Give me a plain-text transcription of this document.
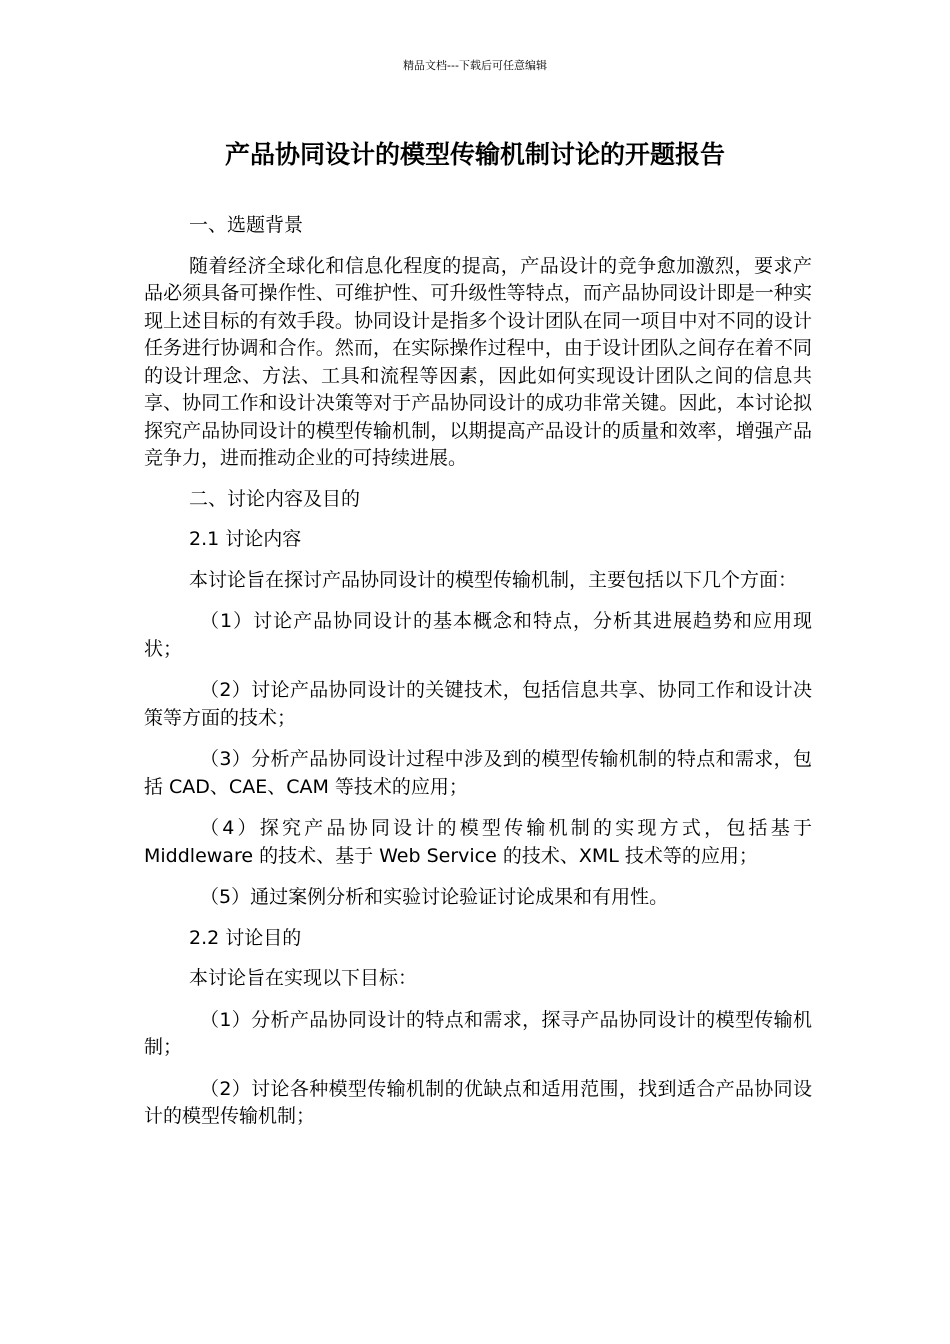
精品文档---下载后可任意编辑
产品协同设计的模型传输机制讨论的开题报告

一、选题背景

随着经济全球化和信息化程度的提高，产品设计的竞争愈加激烈，要求产品必须具备可操作性、可维护性、可升级性等特点，而产品协同设计即是一种实现上述目标的有效手段。协同设计是指多个设计团队在同一项目中对不同的设计任务进行协调和合作。然而，在实际操作过程中，由于设计团队之间存在着不同的设计理念、方法、工具和流程等因素，因此如何实现设计团队之间的信息共享、协同工作和设计决策等对于产品协同设计的成功非常关键。因此，本讨论拟探究产品协同设计的模型传输机制，以期提高产品设计的质量和效率，增强产品竞争力，进而推动企业的可持续进展。

二、讨论内容及目的

2.1 讨论内容

本讨论旨在探讨产品协同设计的模型传输机制，主要包括以下几个方面：

（1）讨论产品协同设计的基本概念和特点，分析其进展趋势和应用现状；

（2）讨论产品协同设计的关键技术，包括信息共享、协同工作和设计决策等方面的技术；

（3）分析产品协同设计过程中涉及到的模型传输机制的特点和需求，包括 CAD、CAE、CAM 等技术的应用；

（4）探究产品协同设计的模型传输机制的实现方式，包括基于 Middleware 的技术、基于 Web Service 的技术、XML 技术等的应用；

（5）通过案例分析和实验讨论验证讨论成果和有用性。

2.2 讨论目的

本讨论旨在实现以下目标：

（1）分析产品协同设计的特点和需求，探寻产品协同设计的模型传输机制；

（2）讨论各种模型传输机制的优缺点和适用范围，找到适合产品协同设计的模型传输机制；
